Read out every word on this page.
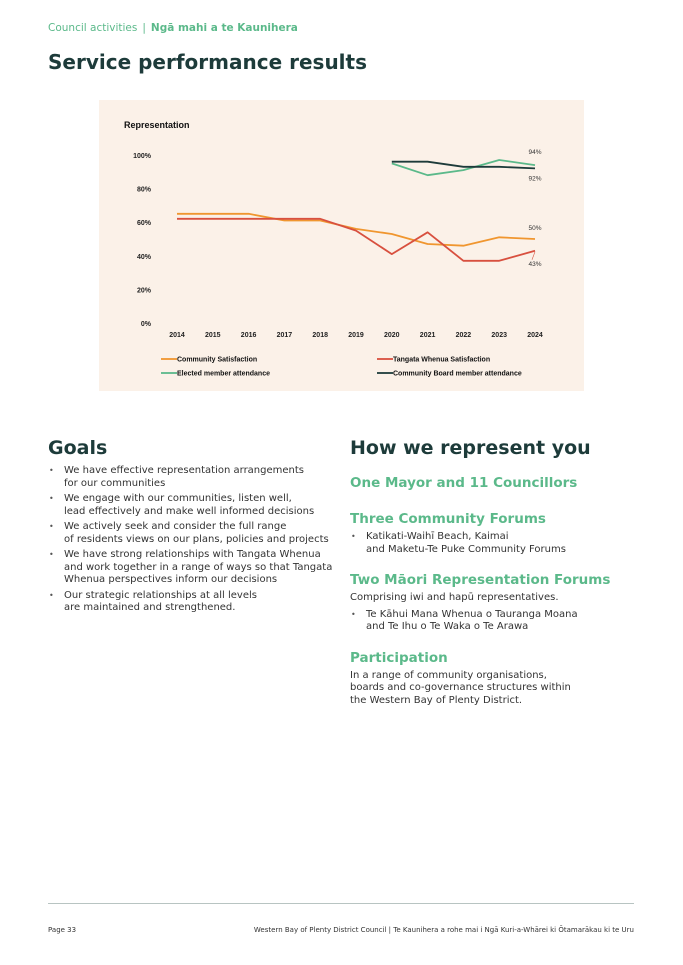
Council activities | Ngā mahi a te Kaunihera
Service performance results
Representation
0%
20%
40%
60%
80%
100%
2014	2015	2016	2017	2018	2019	2020	2021	2022	2023	2024
94%
92%
50%
43%
Community Satisfaction	Tangata Whenua Satisfaction
Elected member attendance	Community Board member attendance
Goals
• We have effective representation arrangements
for our communities
• We engage with our communities, listen well,
lead effectively and make well informed decisions
• We actively seek and consider the full range
of residents views on our plans, policies and projects
• We have strong relationships with Tangata Whenua
and work together in a range of ways so that Tangata
Whenua perspectives inform our decisions
• Our strategic relationships at all levels
are maintained and strengthened.
How we represent you
One Mayor and 11 Councillors
Three Community Forums
• Katikati-Waihī Beach, Kaimai
and Maketu-Te Puke Community Forums
Two Māori Representation Forums
Comprising iwi and hapū representatives.
• Te Kāhui Mana Whenua o Tauranga Moana
and Te Ihu o Te Waka o Te Arawa
Participation
In a range of community organisations,
boards and co-governance structures within
the Western Bay of Plenty District.
Page 33	Western Bay of Plenty District Council | Te Kaunihera a rohe mai i Ngā Kuri-a-Whārei ki Ōtamarākau ki te Uru
